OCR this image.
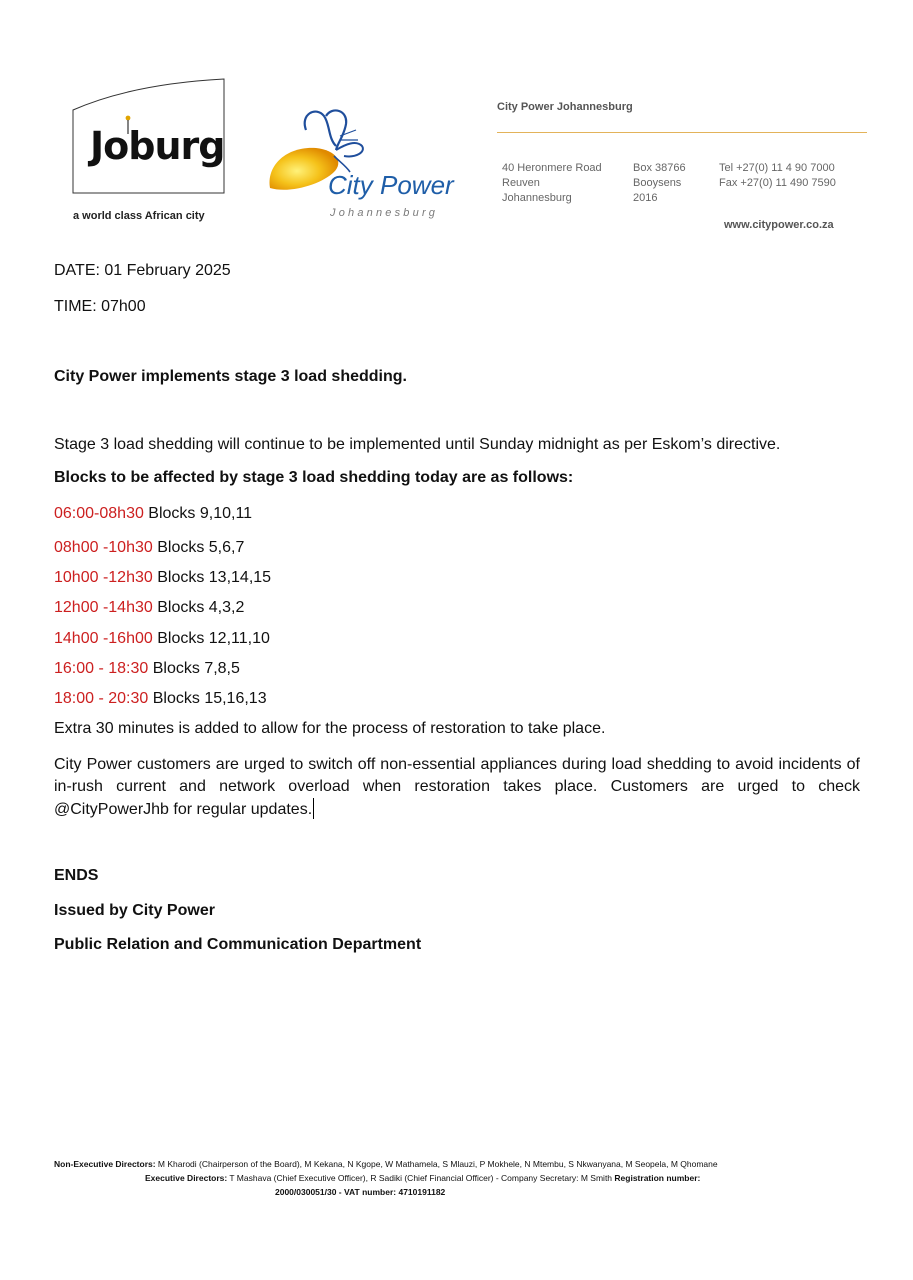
Joburg
a world class African city
City Power
Johannesburg
City Power Johannesburg
40 Heronmere Road
Reuven
Johannesburg
Box 38766
Booysens
2016
Tel +27(0) 11 4 90 7000
Fax +27(0) 11 490 7590
www.citypower.co.za
DATE: 01 February 2025
TIME: 07h00
City Power implements stage 3 load shedding.
Stage 3 load shedding will continue to be implemented until Sunday midnight as per Eskom’s directive.
Blocks to be affected by stage 3 load shedding today are as follows:
06:00-08h30 Blocks 9,10,11
08h00 -10h30 Blocks 5,6,7
10h00 -12h30 Blocks 13,14,15
12h00 -14h30 Blocks 4,3,2
14h00 -16h00 Blocks 12,11,10
16:00 - 18:30 Blocks 7,8,5
18:00 - 20:30 Blocks 15,16,13
Extra 30 minutes is added to allow for the process of restoration to take place.
City Power customers are urged to switch off non-essential appliances during load shedding to avoid incidents of in-rush current and network overload when restoration takes place. Customers are urged to check @CityPowerJhb for regular updates.
ENDS
Issued by City Power
Public Relation and Communication Department
Non-Executive Directors: M Kharodi (Chairperson of the Board), M Kekana, N Kgope, W Mathamela, S Mlauzi, P Mokhele, N Mtembu, S Nkwanyana, M Seopela, M Qhomane
Executive Directors: T Mashava (Chief Executive Officer), R Sadiki (Chief Financial Officer) - Company Secretary: M Smith Registration number:
2000/030051/30 - VAT number: 4710191182
